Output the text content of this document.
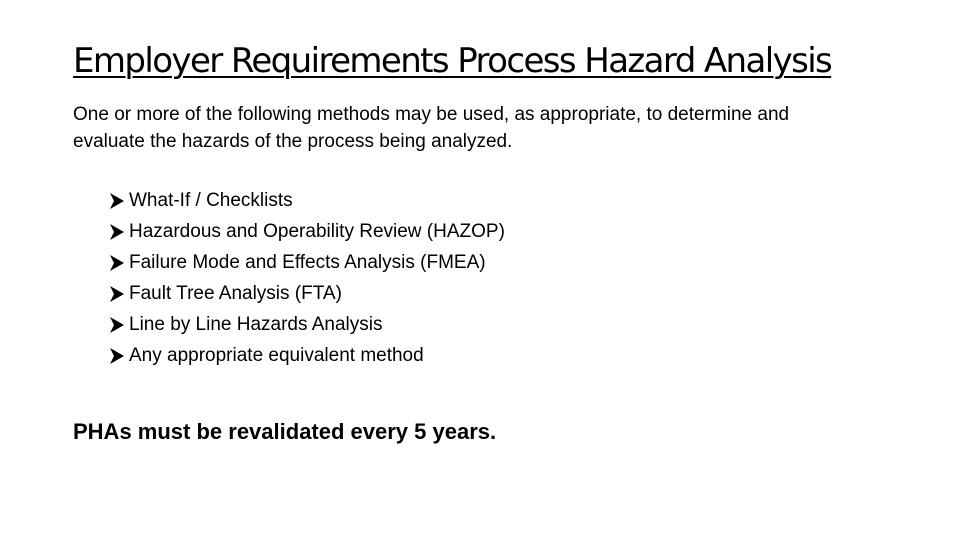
Employer Requirements Process Hazard Analysis

One or more of the following methods may be used, as appropriate, to determine and evaluate the hazards of the process being analyzed.

What-If / Checklists
Hazardous and Operability Review (HAZOP)
Failure Mode and Effects Analysis (FMEA)
Fault Tree Analysis (FTA)
Line by Line Hazards Analysis
Any appropriate equivalent method

PHAs must be revalidated every 5 years.
